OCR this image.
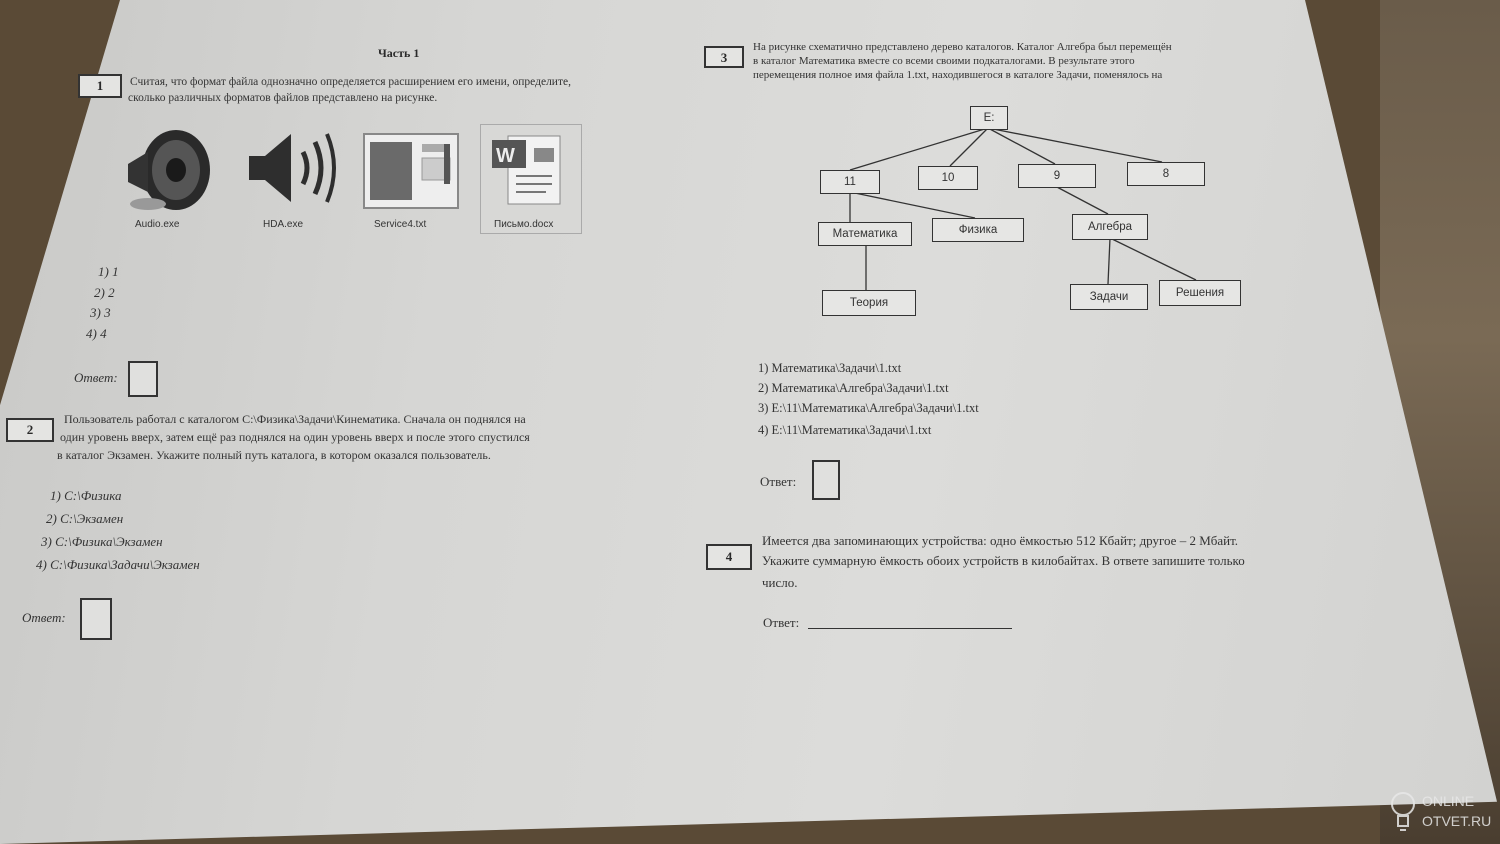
Часть 1
1	Считая, что формат файла однозначно определяется расширением его имени, определите,
сколько различных форматов файлов представлено на рисунке.
Audio.exe	HDA.exe	Service4.txt
W
Письмо.docx
1) 1
2) 2
3) 3
4) 4
Ответ:
2
Пользователь работал с каталогом C:\Физика\Задачи\Кинематика. Сначала он поднялся на
один уровень вверх, затем ещё раз поднялся на один уровень вверх и после этого спустился
в каталог Экзамен. Укажите полный путь каталога, в котором оказался пользователь.
1) C:\Физика
2) C:\Экзамен
3) C:\Физика\Экзамен
4) C:\Физика\Задачи\Экзамен
Ответ:
3
На рисунке схематично представлено дерево каталогов. Каталог Алгебра был перемещён
в каталог Математика вместе со всеми своими подкаталогами. В результате этого
перемещения полное имя файла 1.txt, находившегося в каталоге Задачи, поменялось на
E:
11	10	9	8
Математика	Физика	Алгебра
Теория	Задачи	Решения
1) Математика\Задачи\1.txt
2) Математика\Алгебра\Задачи\1.txt
3) E:\11\Математика\Алгебра\Задачи\1.txt
4) E:\11\Математика\Задачи\1.txt
Ответ:
4
Имеется два запоминающих устройства: одно ёмкостью 512 Кбайт; другое – 2 Мбайт.
Укажите суммарную ёмкость обоих устройств в килобайтах. В ответе запишите только
число.
Ответ:
ONLINE
OTVET.RU
